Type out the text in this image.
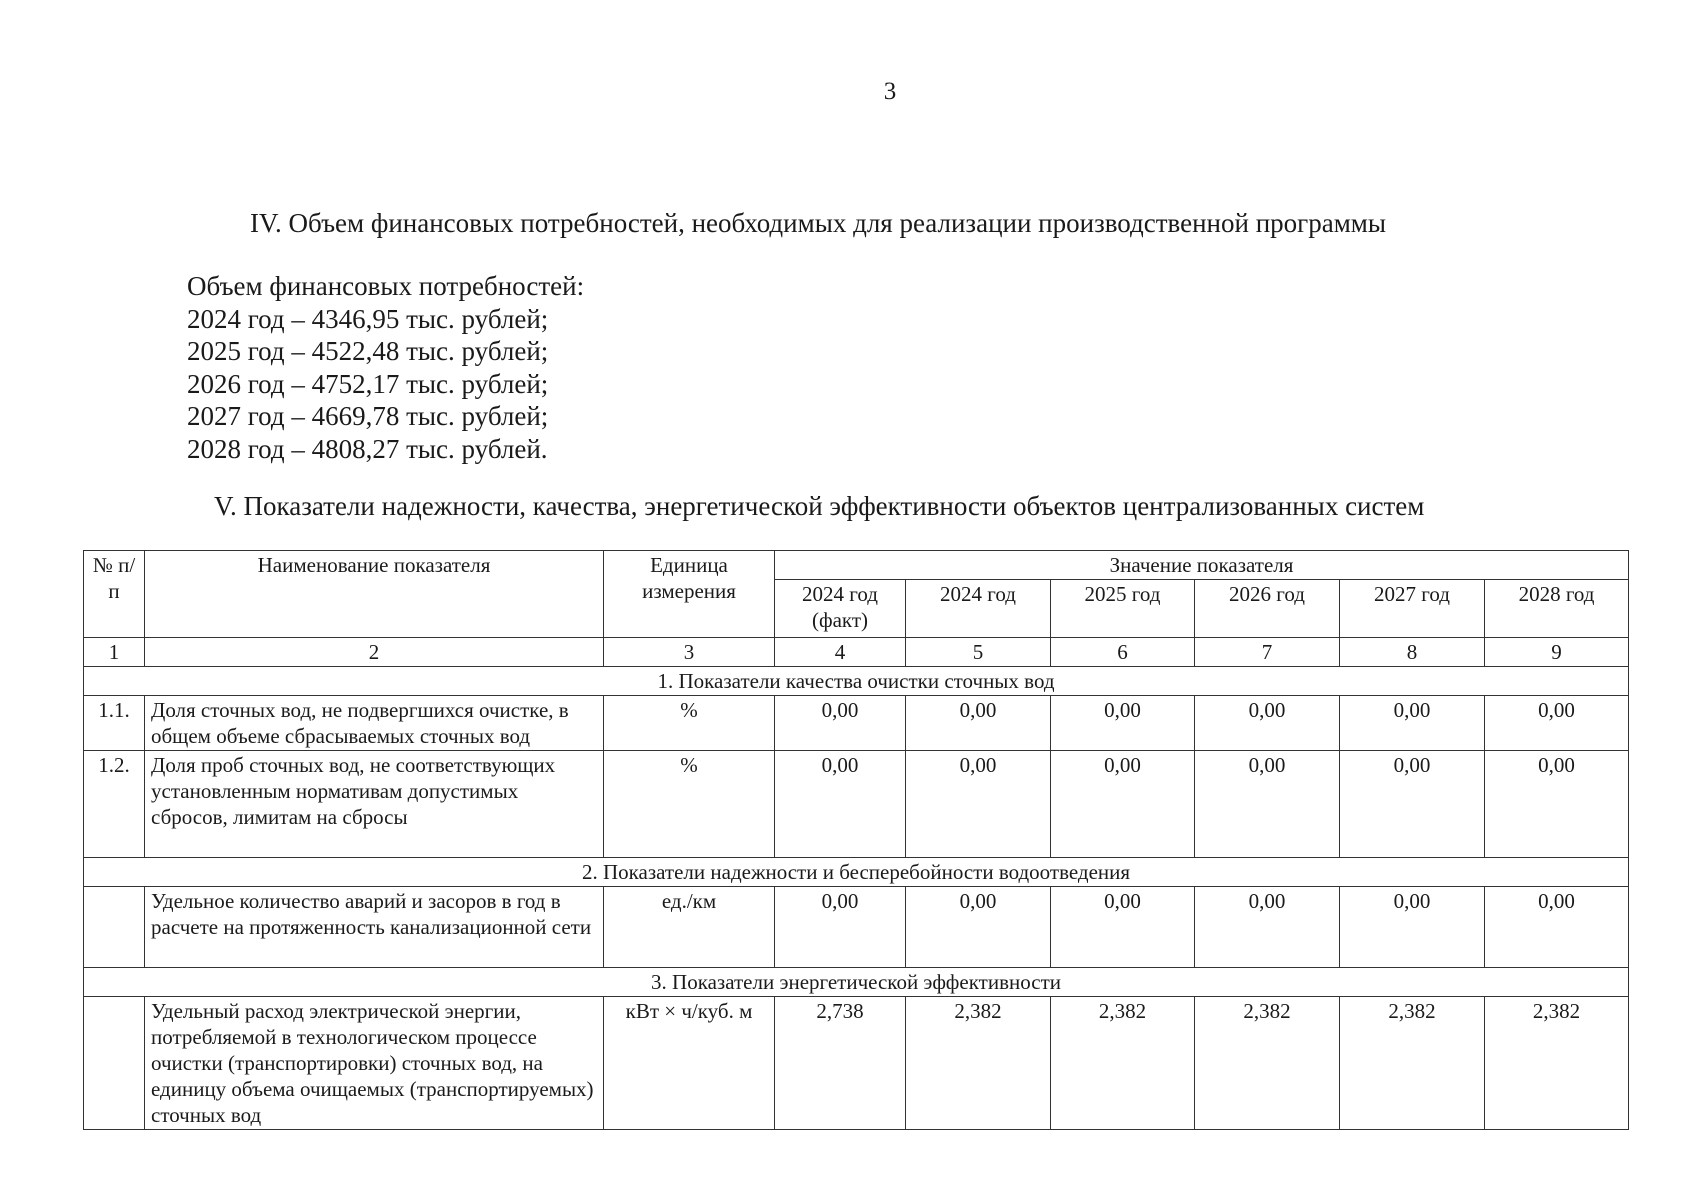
3
IV. Объем финансовых потребностей, необходимых для реализации производственной программы
Объем финансовых потребностей:
2024 год – 4346,95 тыс. рублей;
2025 год – 4522,48 тыс. рублей;
2026 год – 4752,17 тыс. рублей;
2027 год – 4669,78 тыс. рублей;
2028 год – 4808,27 тыс. рублей.
V. Показатели надежности, качества, энергетической эффективности объектов централизованных систем
№ п/п	Наименование показателя	Единица измерения	Значение показателя					
			2024 год (факт)	2024 год	2025 год	2026 год	2027 год	2028 год
1	2	3	4	5	6	7	8	9
1. Показатели качества очистки сточных вод								
1.1.	Доля сточных вод, не подвергшихся очистке, в общем объеме сбрасываемых сточных вод	%	0,00	0,00	0,00	0,00	0,00	0,00
1.2.	Доля проб сточных вод, не соответствующих установленным нормативам допустимых сбросов, лимитам на сбросы	%	0,00	0,00	0,00	0,00	0,00	0,00
2. Показатели надежности и бесперебойности водоотведения								
	Удельное количество аварий и засоров в год в расчете на протяженность канализационной сети	ед./км	0,00	0,00	0,00	0,00	0,00	0,00
3. Показатели энергетической эффективности								
	Удельный расход электрической энергии, потребляемой в технологическом процессе очистки (транспортировки) сточных вод, на единицу объема очищаемых (транспортируемых) сточных вод	кВт × ч/куб. м	2,738	2,382	2,382	2,382	2,382	2,382
